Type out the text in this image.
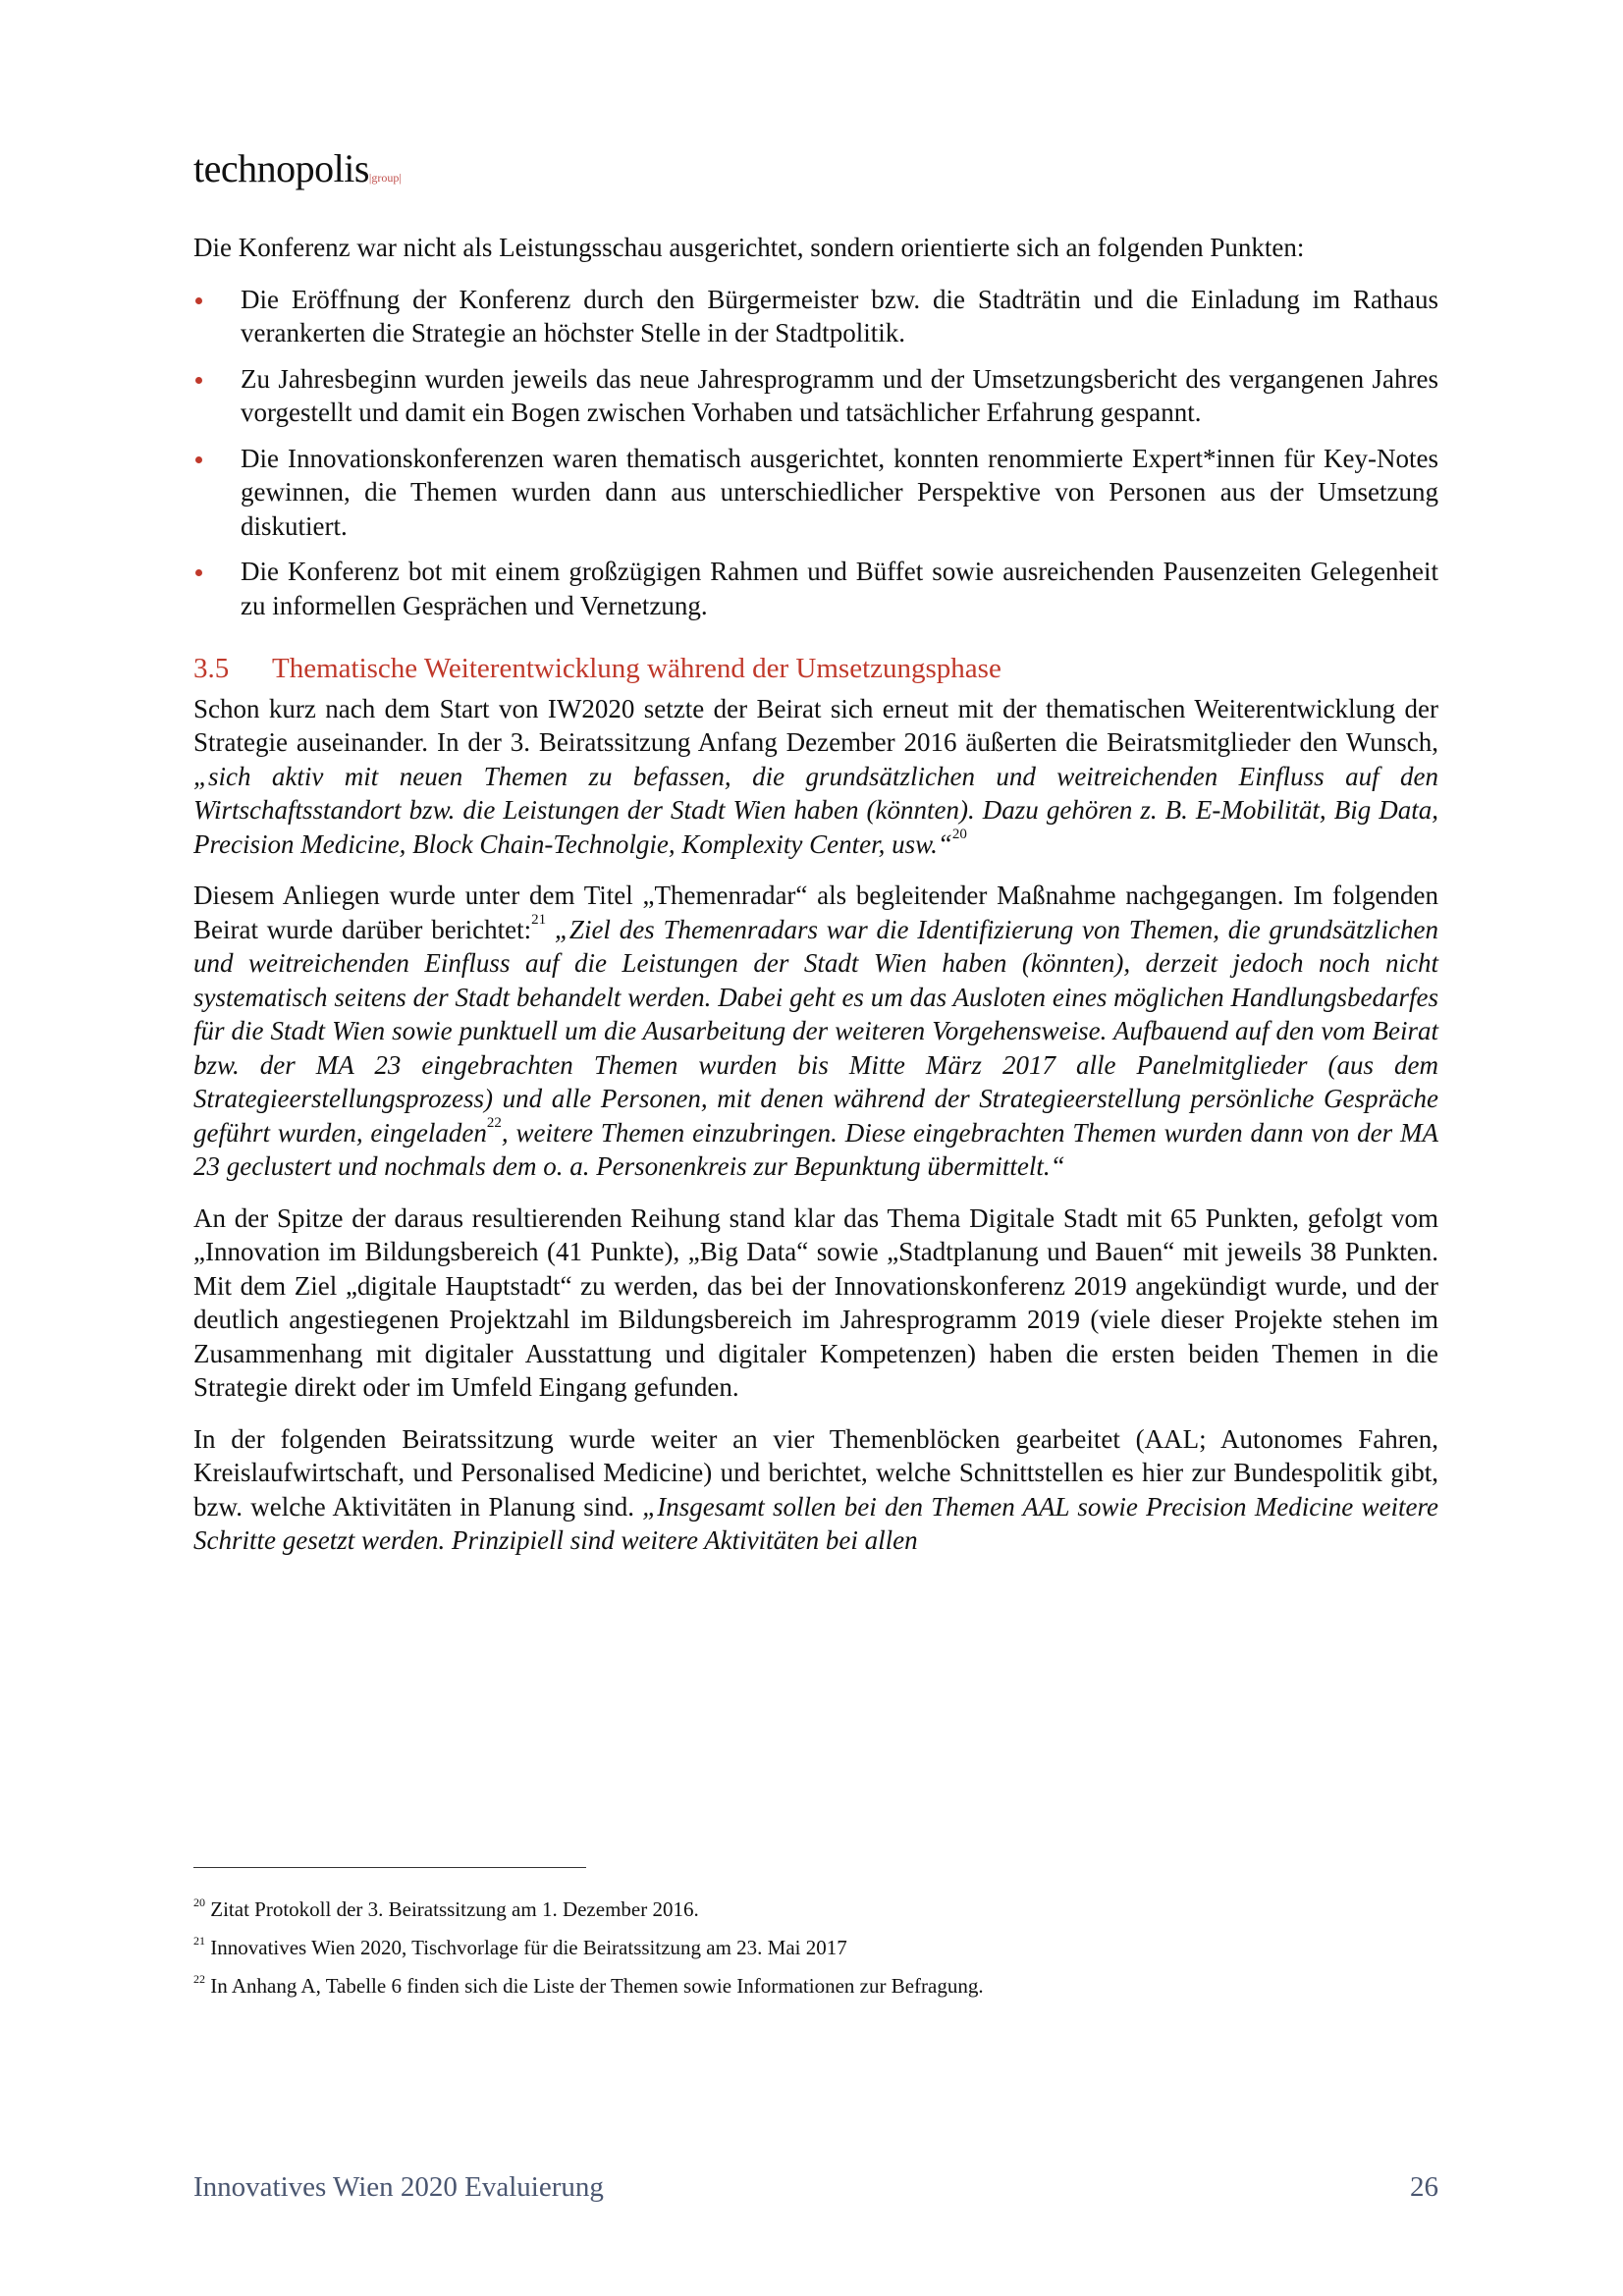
technopolis|group|

Die Konferenz war nicht als Leistungsschau ausgerichtet, sondern orientierte sich an folgenden Punkten:

Die Eröffnung der Konferenz durch den Bürgermeister bzw. die Stadträtin und die Einladung im Rathaus verankerten die Strategie an höchster Stelle in der Stadtpolitik.
Zu Jahresbeginn wurden jeweils das neue Jahresprogramm und der Umsetzungsbericht des vergangenen Jahres vorgestellt und damit ein Bogen zwischen Vorhaben und tatsächlicher Erfahrung gespannt.
Die Innovationskonferenzen waren thematisch ausgerichtet, konnten renommierte Expert*innen für Key-Notes gewinnen, die Themen wurden dann aus unterschiedlicher Perspektive von Personen aus der Umsetzung diskutiert.
Die Konferenz bot mit einem großzügigen Rahmen und Büffet sowie ausreichenden Pausenzeiten Gelegenheit zu informellen Gesprächen und Vernetzung.
3.5 Thematische Weiterentwicklung während der Umsetzungsphase

Schon kurz nach dem Start von IW2020 setzte der Beirat sich erneut mit der thematischen Weiterentwicklung der Strategie auseinander. In der 3. Beiratssitzung Anfang Dezember 2016 äußerten die Beiratsmitglieder den Wunsch, „sich aktiv mit neuen Themen zu befassen, die grundsätzlichen und weitreichenden Einfluss auf den Wirtschaftsstandort bzw. die Leistungen der Stadt Wien haben (könnten). Dazu gehören z. B. E-Mobilität, Big Data, Precision Medicine, Block Chain-Technolgie, Komplexity Center, usw.“$^{20}$

Diesem Anliegen wurde unter dem Titel „Themenradar“ als begleitender Maßnahme nachgegangen. Im folgenden Beirat wurde darüber berichtet:$^{21}$ „Ziel des Themenradars war die Identifizierung von Themen, die grundsätzlichen und weitreichenden Einfluss auf die Leistungen der Stadt Wien haben (könnten), derzeit jedoch noch nicht systematisch seitens der Stadt behandelt werden. Dabei geht es um das Ausloten eines möglichen Handlungsbedarfes für die Stadt Wien sowie punktuell um die Ausarbeitung der weiteren Vorgehensweise. Aufbauend auf den vom Beirat bzw. der MA 23 eingebrachten Themen wurden bis Mitte März 2017 alle Panelmitglieder (aus dem Strategieerstellungsprozess) und alle Personen, mit denen während der Strategieerstellung persönliche Gespräche geführt wurden, eingeladen$^{22}$, weitere Themen einzubringen. Diese eingebrachten Themen wurden dann von der MA 23 geclustert und nochmals dem o. a. Personenkreis zur Bepunktung übermittelt.“

An der Spitze der daraus resultierenden Reihung stand klar das Thema Digitale Stadt mit 65 Punkten, gefolgt vom „Innovation im Bildungsbereich (41 Punkte), „Big Data“ sowie „Stadtplanung und Bauen“ mit jeweils 38 Punkten. Mit dem Ziel „digitale Hauptstadt“ zu werden, das bei der Innovationskonferenz 2019 angekündigt wurde, und der deutlich angestiegenen Projektzahl im Bildungsbereich im Jahresprogramm 2019 (viele dieser Projekte stehen im Zusammenhang mit digitaler Ausstattung und digitaler Kompetenzen) haben die ersten beiden Themen in die Strategie direkt oder im Umfeld Eingang gefunden.

In der folgenden Beiratssitzung wurde weiter an vier Themenblöcken gearbeitet (AAL; Autonomes Fahren, Kreislaufwirtschaft, und Personalised Medicine) und berichtet, welche Schnittstellen es hier zur Bundespolitik gibt, bzw. welche Aktivitäten in Planung sind. „Insgesamt sollen bei den Themen AAL sowie Precision Medicine weitere Schritte gesetzt werden. Prinzipiell sind weitere Aktivitäten bei allen

$^{20}$ Zitat Protokoll der 3. Beiratssitzung am 1. Dezember 2016.
$^{21}$ Innovatives Wien 2020, Tischvorlage für die Beiratssitzung am 23. Mai 2017
$^{22}$ In Anhang A, Tabelle 6 finden sich die Liste der Themen sowie Informationen zur Befragung.
Innovatives Wien 2020 Evaluierung	26
